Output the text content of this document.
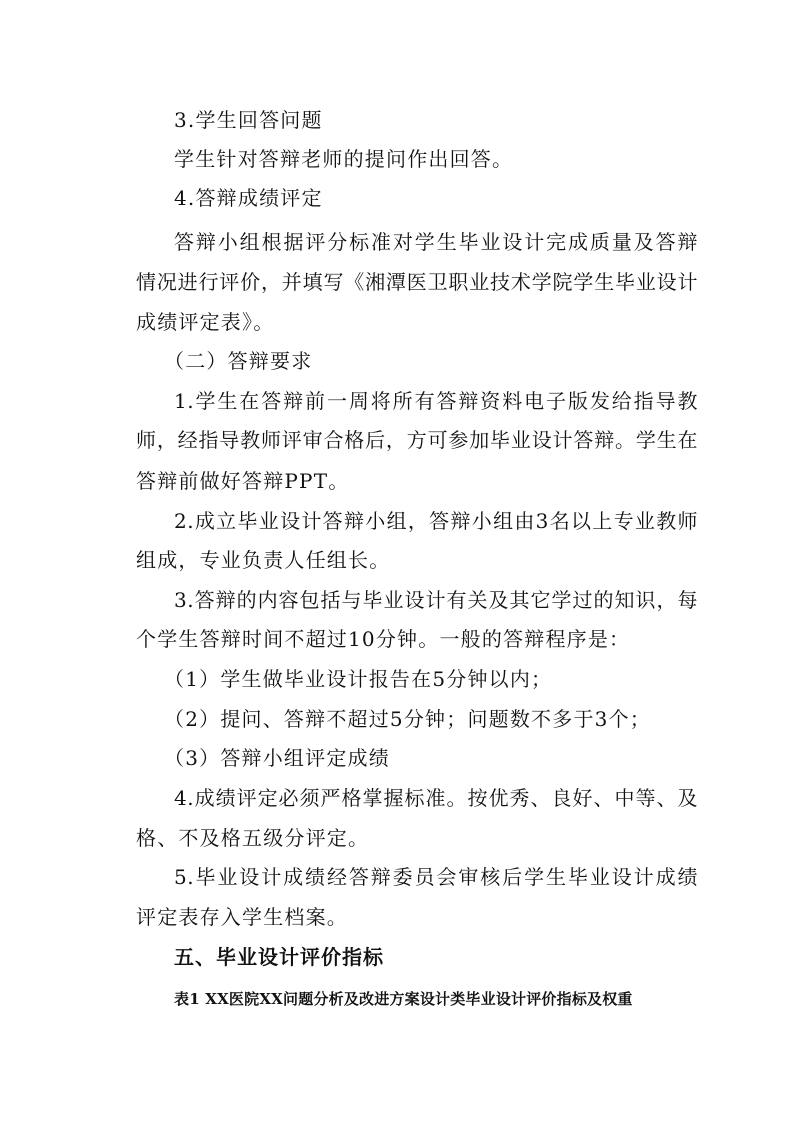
3.学生回答问题
学生针对答辩老师的提问作出回答。
4.答辩成绩评定
答辩小组根据评分标准对学生毕业设计完成质量及答辩
情况进行评价，并填写《湘潭医卫职业技术学院学生毕业设计
成绩评定表》。
（二）答辩要求
1.学生在答辩前一周将所有答辩资料电子版发给指导教
师，经指导教师评审合格后，方可参加毕业设计答辩。学生在
答辩前做好答辩PPT。
2.成立毕业设计答辩小组，答辩小组由3名以上专业教师
组成，专业负责人任组长。
3.答辩的内容包括与毕业设计有关及其它学过的知识，每
个学生答辩时间不超过10分钟。一般的答辩程序是：
（1）学生做毕业设计报告在5分钟以内；
（2）提问、答辩不超过5分钟；问题数不多于3个；
（3）答辩小组评定成绩
4.成绩评定必须严格掌握标准。按优秀、良好、中等、及
格、不及格五级分评定。
5.毕业设计成绩经答辩委员会审核后学生毕业设计成绩
评定表存入学生档案。
五、毕业设计评价指标
表1 XX医院XX问题分析及改进方案设计类毕业设计评价指标及权重
